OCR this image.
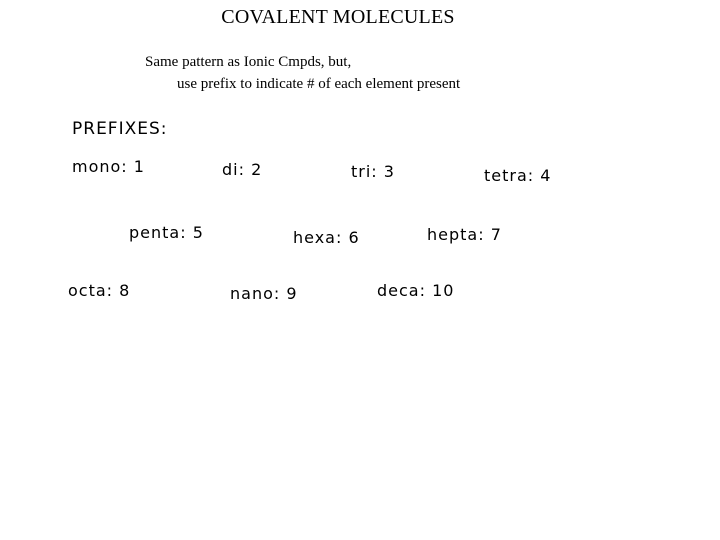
COVALENT MOLECULES
Same pattern as Ionic Cmpds, but,
use prefix to indicate # of each element present
PREFIXES:
mono: 1	di: 2	tri: 3	tetra: 4
penta: 5	hexa: 6	hepta: 7
octa: 8	nano: 9	deca: 10
